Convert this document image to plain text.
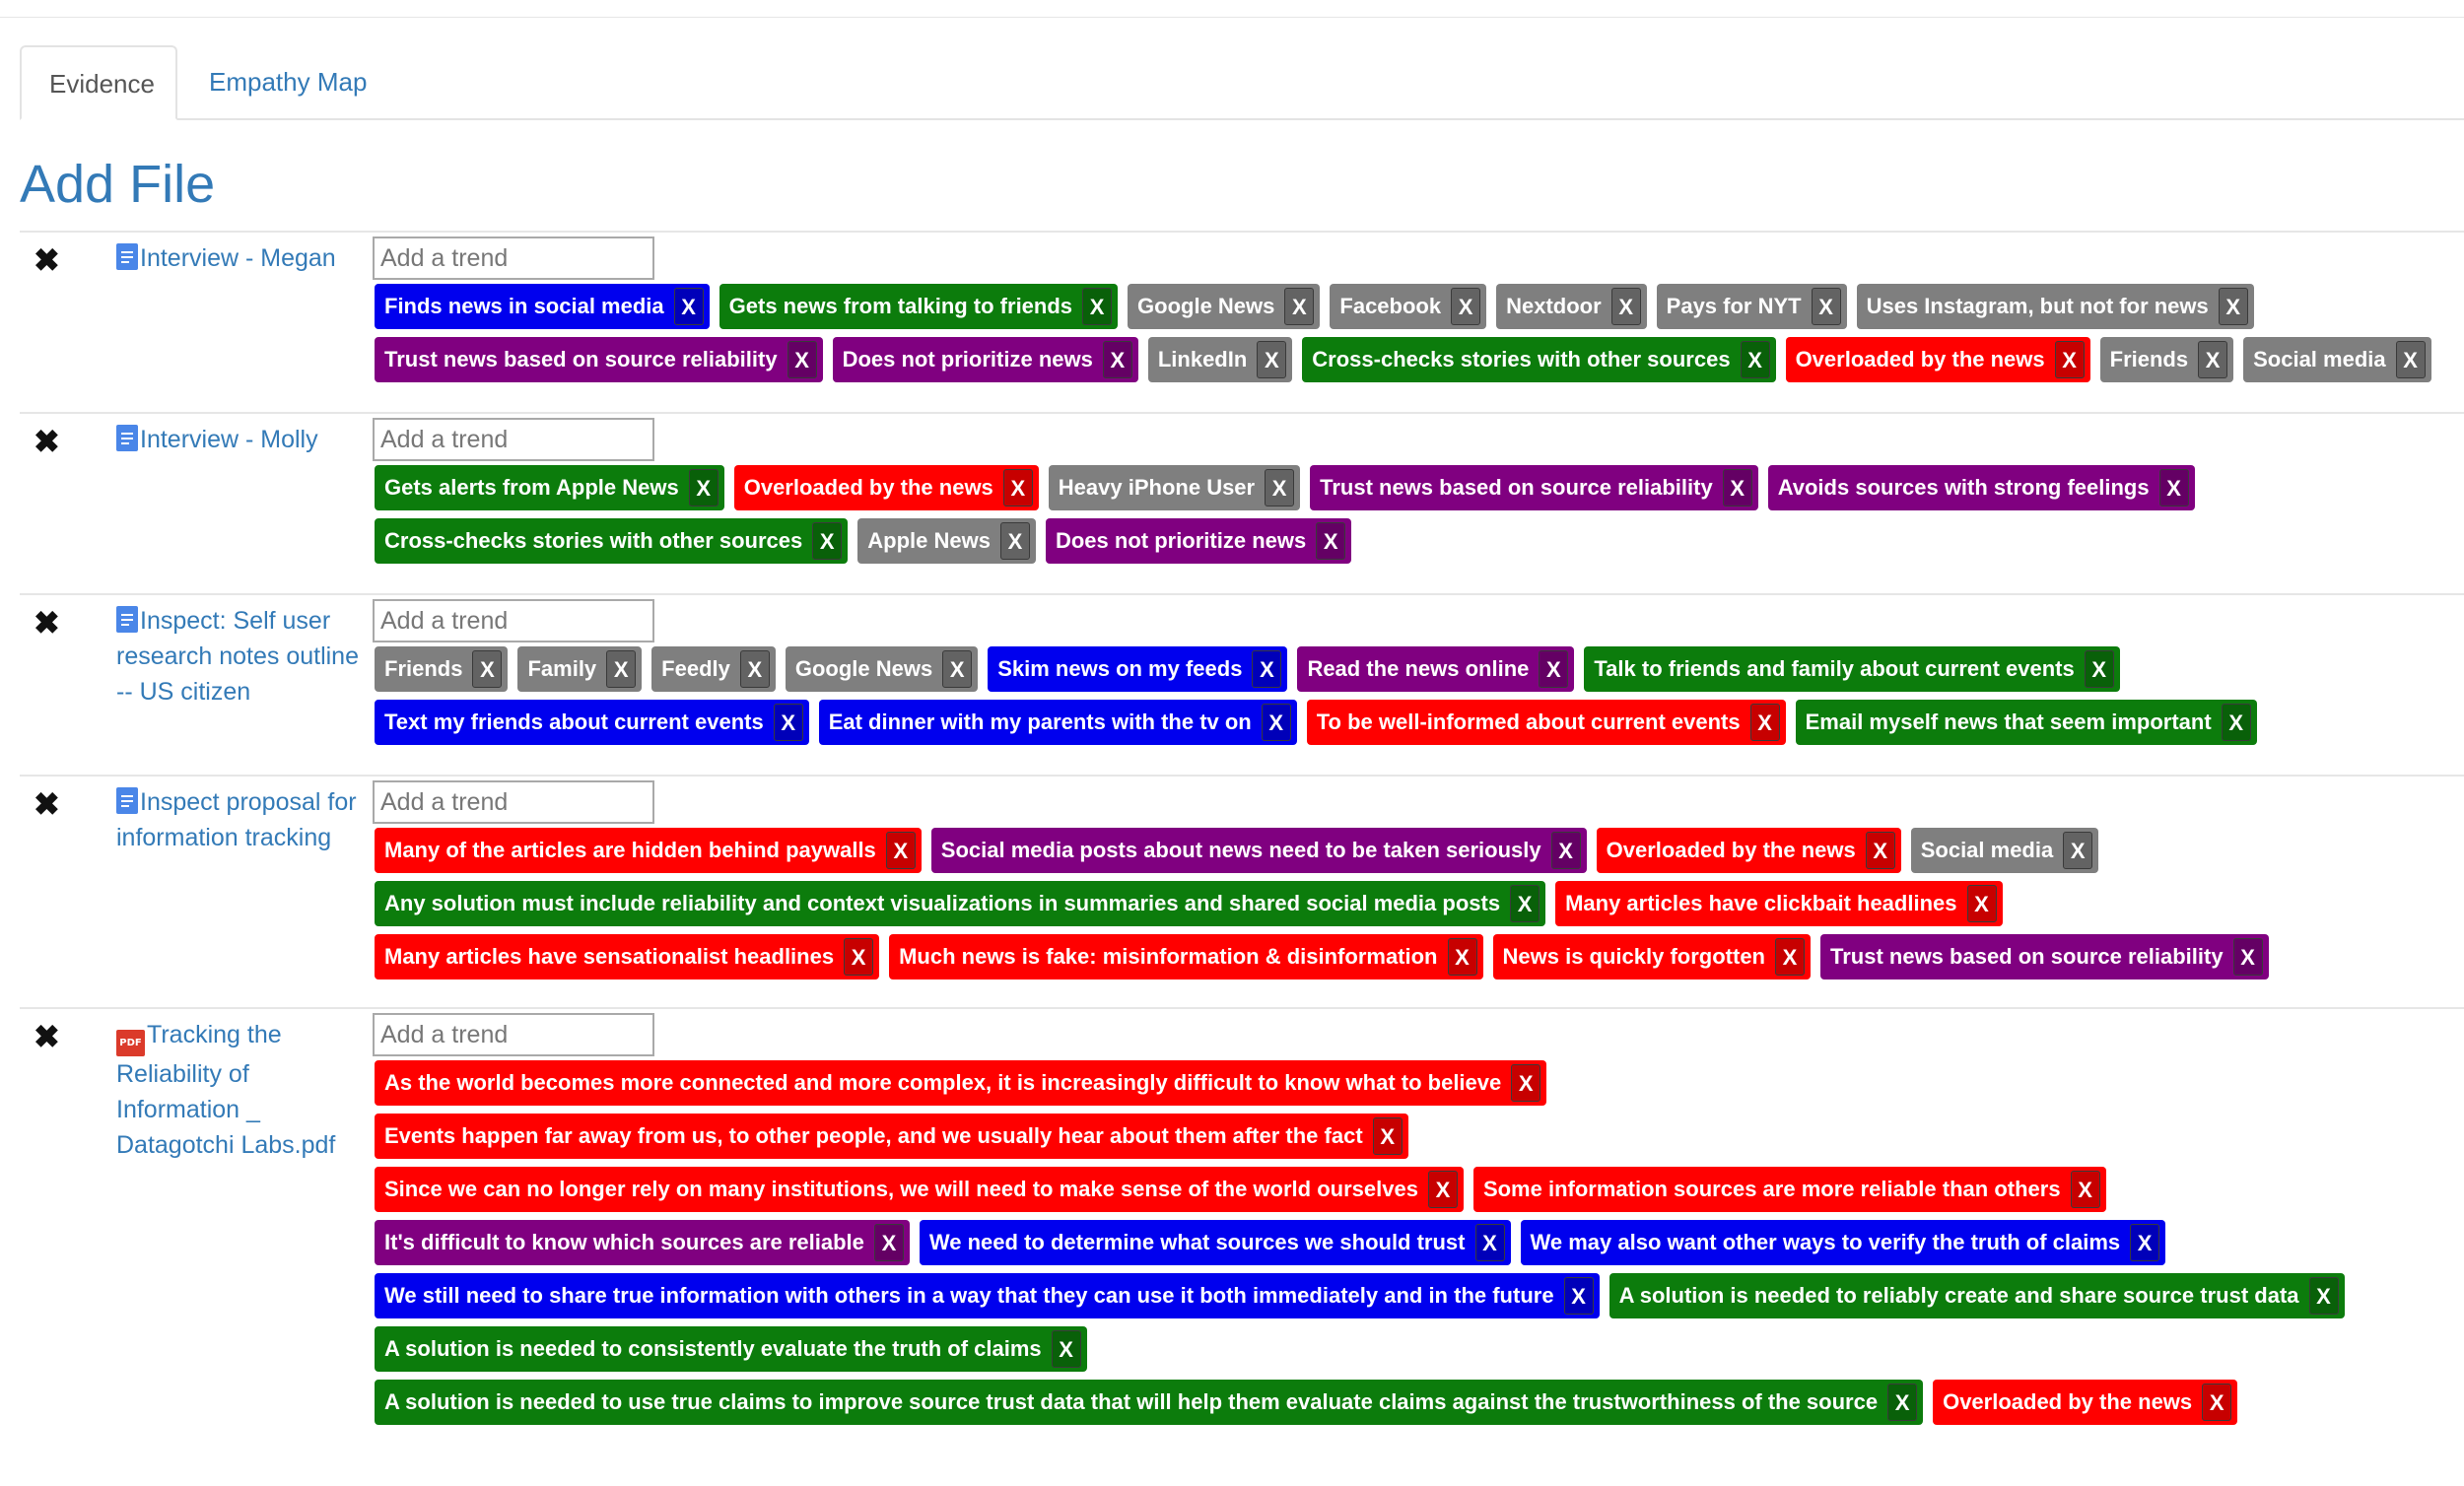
Evidence	Empathy Map
Add File
✖	Interview - Megan
Add a trend
Finds news in social media X Gets news from talking to friends X Google News X Facebook X Nextdoor X Pays for NYT X Uses Instagram, but not for news X
Trust news based on source reliability X Does not prioritize news X LinkedIn X Cross-checks stories with other sources X Overloaded by the news X Friends X Social media X
✖	Interview - Molly
Add a trend
Gets alerts from Apple News X Overloaded by the news X Heavy iPhone User X Trust news based on source reliability X Avoids sources with strong feelings X
Cross-checks stories with other sources X Apple News X Does not prioritize news X
✖	Inspect: Self user research notes outline -- US citizen
Add a trend
Friends X Family X Feedly X Google News X Skim news on my feeds X Read the news online X Talk to friends and family about current events X
Text my friends about current events X Eat dinner with my parents with the tv on X To be well-informed about current events X Email myself news that seem important X
✖	Inspect proposal for information tracking
Add a trend	Many of the articles are hidden behind paywalls X Social media posts about news need to be taken seriously X Overloaded by the news X Social media X
Any solution must include reliability and context visualizations in summaries and shared social media posts X Many articles have clickbait headlines X
Many articles have sensationalist headlines X Much news is fake: misinformation & disinformation X News is quickly forgotten X Trust news based on source reliability X
✖	PDF Tracking the Reliability of Information _ Datagotchi Labs.pdf
Add a trend
As the world becomes more connected and more complex, it is increasingly difficult to know what to believe X
Events happen far away from us, to other people, and we usually hear about them after the fact X
Since we can no longer rely on many institutions, we will need to make sense of the world ourselves X Some information sources are more reliable than others X
It's difficult to know which sources are reliable X We need to determine what sources we should trust X We may also want other ways to verify the truth of claims X
We still need to share true information with others in a way that they can use it both immediately and in the future X A solution is needed to reliably create and share source trust data X
A solution is needed to consistently evaluate the truth of claims X
A solution is needed to use true claims to improve source trust data that will help them evaluate claims against the trustworthiness of the source X Overloaded by the news X
